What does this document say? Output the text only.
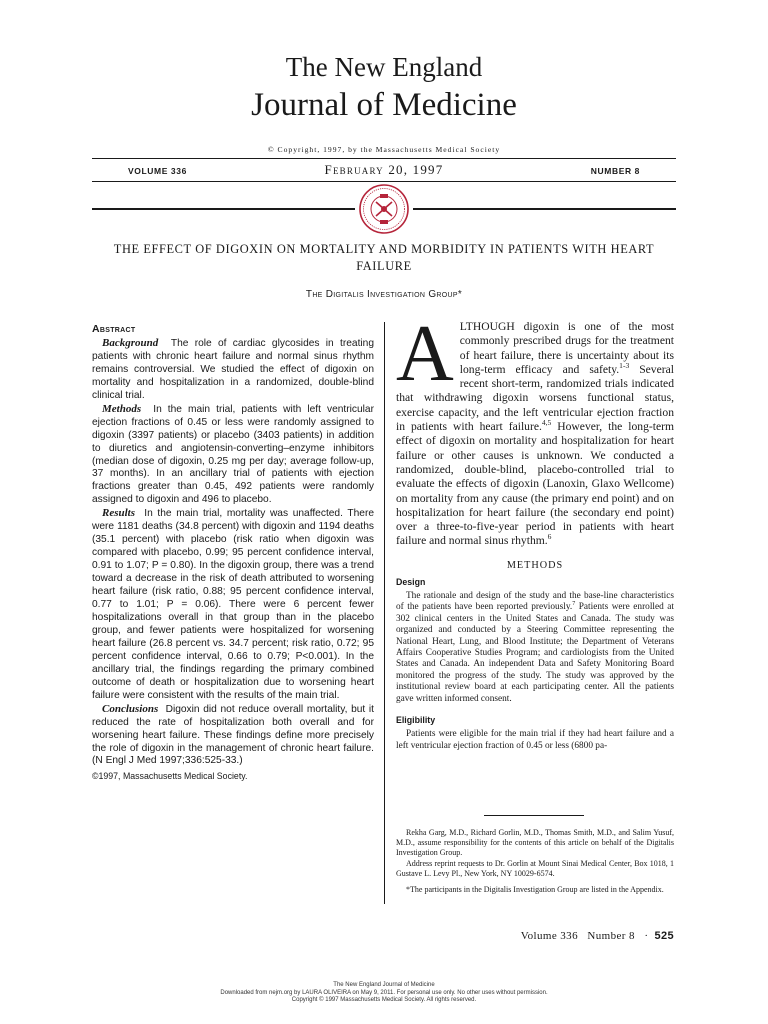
The New England
Journal of Medicine
© Copyright, 1997, by the Massachusetts Medical Society
VOLUME 336	February 20, 1997	NUMBER 8
THE EFFECT OF DIGOXIN ON MORTALITY AND MORBIDITY IN PATIENTS WITH HEART FAILURE
The Digitalis Investigation Group*
Abstract

Background The role of cardiac glycosides in treating patients with chronic heart failure and normal sinus rhythm remains controversial. We studied the effect of digoxin on mortality and hospitalization in a randomized, double-blind clinical trial.

Methods In the main trial, patients with left ventricular ejection fractions of 0.45 or less were randomly assigned to digoxin (3397 patients) or placebo (3403 patients) in addition to diuretics and angiotensin-converting–enzyme inhibitors (median dose of digoxin, 0.25 mg per day; average follow-up, 37 months). In an ancillary trial of patients with ejection fractions greater than 0.45, 492 patients were randomly assigned to digoxin and 496 to placebo.

Results In the main trial, mortality was unaffected. There were 1181 deaths (34.8 percent) with digoxin and 1194 deaths (35.1 percent) with placebo (risk ratio when digoxin was compared with placebo, 0.99; 95 percent confidence interval, 0.91 to 1.07; P = 0.80). In the digoxin group, there was a trend toward a decrease in the risk of death attributed to worsening heart failure (risk ratio, 0.88; 95 percent confidence interval, 0.77 to 1.01; P = 0.06). There were 6 percent fewer hospitalizations overall in that group than in the placebo group, and fewer patients were hospitalized for worsening heart failure (26.8 percent vs. 34.7 percent; risk ratio, 0.72; 95 percent confidence interval, 0.66 to 0.79; P<0.001). In the ancillary trial, the findings regarding the primary combined outcome of death or hospitalization due to worsening heart failure were consistent with the results of the main trial.

Conclusions Digoxin did not reduce overall mortality, but it reduced the rate of hospitalization both overall and for worsening heart failure. These findings define more precisely the role of digoxin in the management of chronic heart failure. (N Engl J Med 1997;336:525-33.)

©1997, Massachusetts Medical Society.

ALTHOUGH digoxin is one of the most commonly prescribed drugs for the treatment of heart failure, there is uncertainty about its long-term efficacy and safety.$^{1-3}$ Several recent short-term, randomized trials indicated that withdrawing digoxin worsens functional status, exercise capacity, and the left ventricular ejection fraction in patients with heart failure.$^{4,5}$ However, the long-term effect of digoxin on mortality and hospitalization for heart failure or other causes is unknown. We conducted a randomized, double-blind, placebo-controlled trial to evaluate the effects of digoxin (Lanoxin, Glaxo Wellcome) on mortality from any cause (the primary end point) and on hospitalization for heart failure (the secondary end point) over a three-to-five-year period in patients with heart failure and normal sinus rhythm.$^6$

METHODS
Design

The rationale and design of the study and the base-line characteristics of the patients have been reported previously.$^7$ Patients were enrolled at 302 clinical centers in the United States and Canada. The study was organized and conducted by a Steering Committee representing the National Heart, Lung, and Blood Institute; the Department of Veterans Affairs Cooperative Studies Program; and cardiologists from the United States and Canada. An independent Data and Safety Monitoring Board monitored the progress of the study. The study was approved by the institutional review board at each participating center. All the patients gave written informed consent.

Eligibility

Patients were eligible for the main trial if they had heart failure and a left ventricular ejection fraction of 0.45 or less (6800 pa-

Rekha Garg, M.D., Richard Gorlin, M.D., Thomas Smith, M.D., and Salim Yusuf, M.D., assume responsibility for the contents of this article on behalf of the Digitalis Investigation Group.

Address reprint requests to Dr. Gorlin at Mount Sinai Medical Center, Box 1018, 1 Gustave L. Levy Pl., New York, NY 10029-6574.

*The participants in the Digitalis Investigation Group are listed in the Appendix.

Volume 336   Number 8   · 525
The New England Journal of Medicine
Downloaded from nejm.org by LAURA OLIVEIRA on May 9, 2011. For personal use only. No other uses without permission.
Copyright © 1997 Massachusetts Medical Society. All rights reserved.
